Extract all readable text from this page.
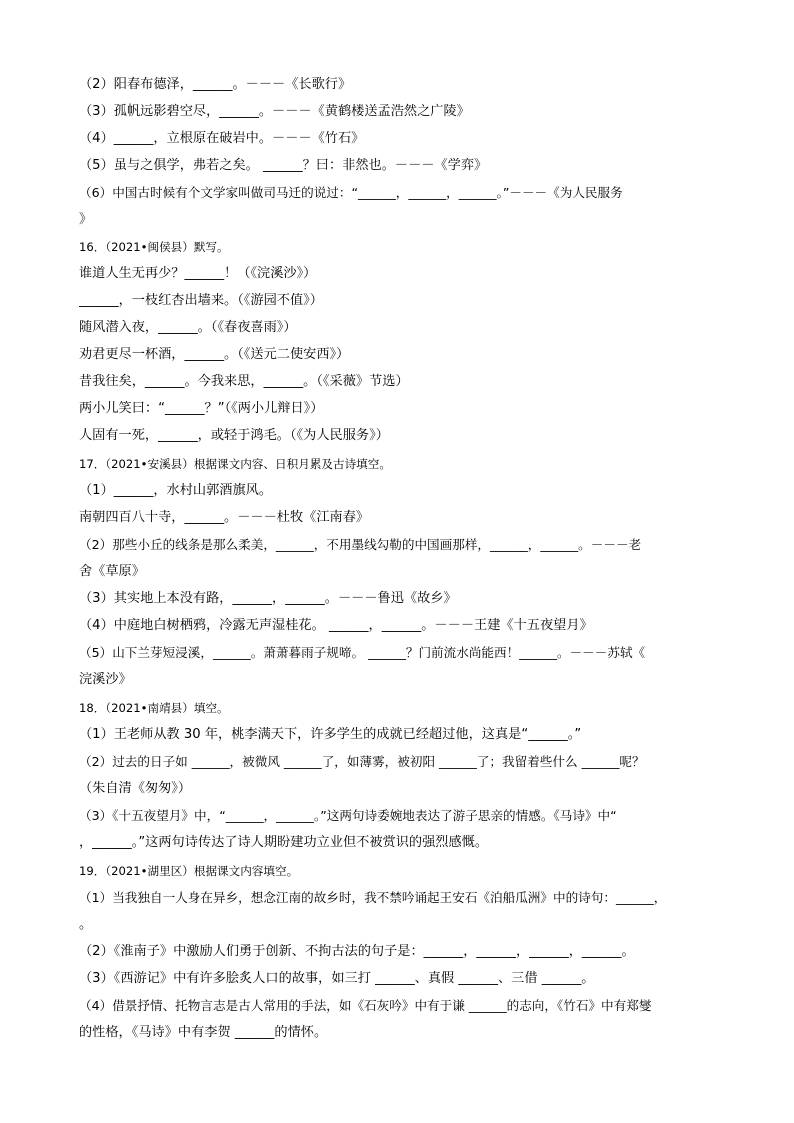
（2）阳春布德泽，______。－－－《长歌行》
（3）孤帆远影碧空尽，______。－－－《黄鹤楼送孟浩然之广陵》
（4）______，立根原在破岩中。－－－《竹石》
（5）虽与之俱学，弗若之矣。 ______？曰：非然也。－－－《学弈》
（6）中国古时候有个文学家叫做司马迁的说过：“______，______，______。”－－－《为人民服务
》
16．（2021•闽侯县）默写。
谁道人生无再少？______！（《浣溪沙》）
______，一枝红杏出墙来。（《游园不值》）
随风潜入夜，______。（《春夜喜雨》）
劝君更尽一杯酒，______。（《送元二使安西》）
昔我往矣，______。今我来思，______。（《采薇》节选）
两小儿笑曰：“______？”（《两小儿辩日》）
人固有一死，______，或轻于鸿毛。（《为人民服务》）
17．（2021•安溪县）根据课文内容、日积月累及古诗填空。
（1）______，水村山郭酒旗风。
南朝四百八十寺，______。－－－杜牧《江南春》
（2）那些小丘的线条是那么柔美，______，不用墨线勾勒的中国画那样，______，______。－－－老
舍《草原》
（3）其实地上本没有路，______，______。－－－鲁迅《故乡》
（4）中庭地白树栖鸦，冷露无声湿桂花。 ______，______。－－－王建《十五夜望月》
（5）山下兰芽短浸溪，______。萧萧暮雨子规啼。 ______？门前流水尚能西！______。－－－苏轼《
浣溪沙》
18．（2021•南靖县）填空。
（1）王老师从教 30 年，桃李满天下，许多学生的成就已经超过他，这真是“______。”
（2）过去的日子如 ______，被微风 ______了，如薄雾，被初阳 ______了；我留着些什么 ______呢？
（朱自清《匆匆》）
（3）《十五夜望月》中，“______，______。”这两句诗委婉地表达了游子思亲的情感。《马诗》中“
，______。”这两句诗传达了诗人期盼建功立业但不被赏识的强烈感慨。
19．（2021•湖里区）根据课文内容填空。
（1）当我独自一人身在异乡，想念江南的故乡时，我不禁吟诵起王安石《泊船瓜洲》中的诗句：______，
。
（2）《淮南子》中激励人们勇于创新、不拘古法的句子是：______，______，______，______。
（3）《西游记》中有许多脍炙人口的故事，如三打 ______、真假 ______、三借 ______。
（4）借景抒情、托物言志是古人常用的手法，如《石灰吟》中有于谦 ______的志向，《竹石》中有郑燮
的性格，《马诗》中有李贺 ______的情怀。
